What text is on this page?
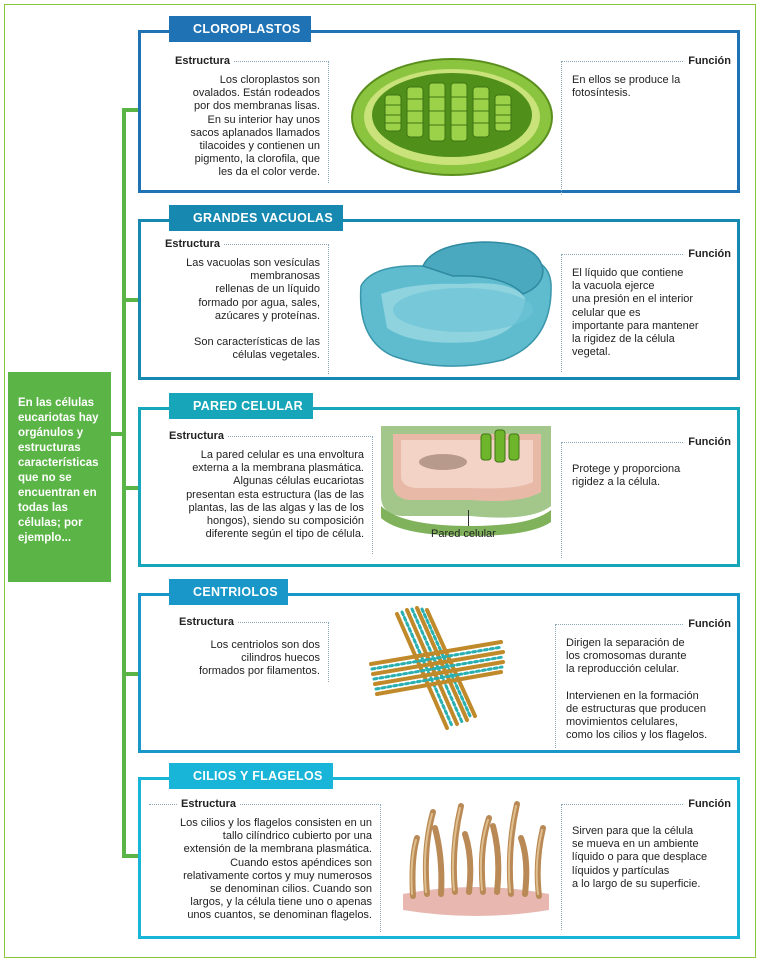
En las células eucariotas hay orgánulos y estructuras características que no se encuentran en todas las células; por ejemplo...
CLOROPLASTOS
Estructura
Los cloroplastos son
ovalados. Están rodeados
por dos membranas lisas.
En su interior hay unos
sacos aplanados llamados
tilacoides y contienen un
pigmento, la clorofila, que
les da el color verde.
Función
En ellos se produce la
fotosíntesis.
GRANDES VACUOLAS
Estructura
Las vacuolas son vesículas
membranosas
rellenas de un líquido
formado por agua, sales,
azúcares y proteínas.

Son características de las
células vegetales.
Función
El líquido que contiene
la vacuola ejerce
una presión en el interior
celular que es
importante para mantener
la rigidez de la célula
vegetal.
PARED CELULAR
Estructura
La pared celular es una envoltura
externa a la membrana plasmática.
Algunas células eucariotas
presentan esta estructura (las de las
plantas, las de las algas y las de los
hongos), siendo su composición
diferente según el tipo de célula.	Pared celular
Función
Protege y proporciona
rigidez a la célula.
CENTRIOLOS
Estructura
Los centriolos son dos
cilindros huecos
formados por filamentos.
Función
Dirigen la separación de
los cromosomas durante
la reproducción celular.

Intervienen en la formación
de estructuras que producen
movimientos celulares,
como los cilios y los flagelos.
CILIOS Y FLAGELOS
Estructura
Los cilios y los flagelos consisten en un
tallo cilíndrico cubierto por una
extensión de la membrana plasmática.
Cuando estos apéndices son
relativamente cortos y muy numerosos
se denominan cilios. Cuando son
largos, y la célula tiene uno o apenas
unos cuantos, se denominan flagelos.
Función
Sirven para que la célula
se mueva en un ambiente
líquido o para que desplace
líquidos y partículas
a lo largo de su superficie.
